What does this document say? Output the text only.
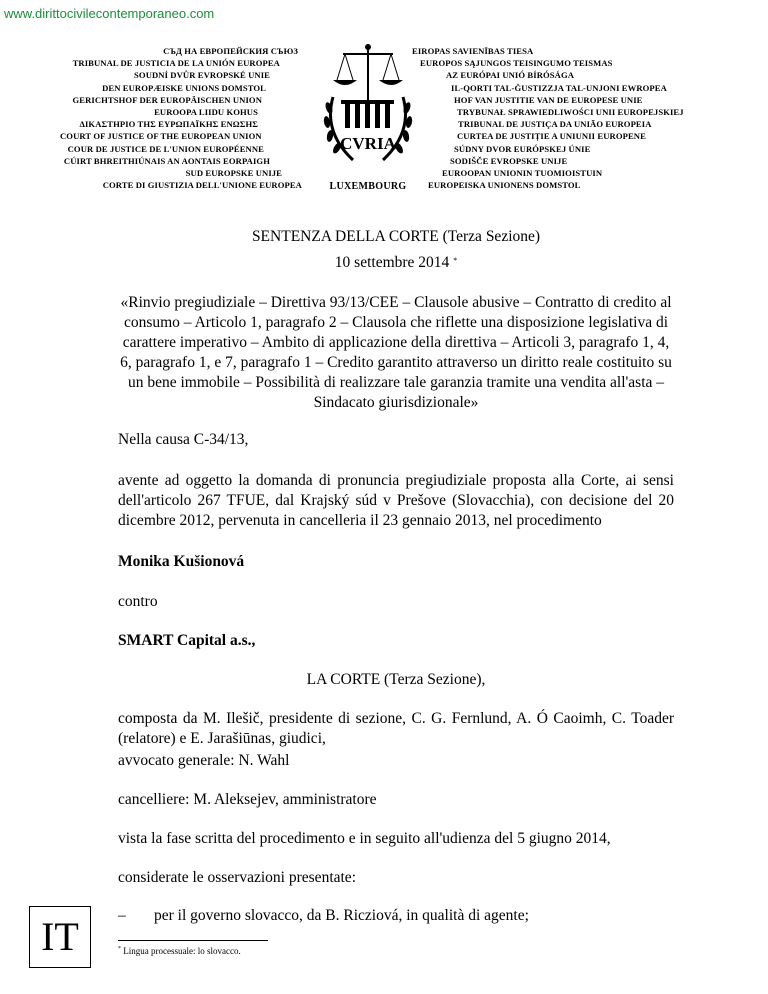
www.dirittocivilecontemporaneo.com
СЪД НА ЕВРОПЕЙСКИЯ СЪЮЗ
TRIBUNAL DE JUSTICIA DE LA UNIÓN EUROPEA
SOUDNÍ DVŮR EVROPSKÉ UNIE
DEN EUROPÆISKE UNIONS DOMSTOL
GERICHTSHOF DER EUROPÄISCHEN UNION
EUROOPA LIIDU KOHUS
ΔΙΚΑΣΤΗΡΙΟ ΤΗΣ ΕΥΡΩΠΑΪΚΗΣ ΕΝΩΣΗΣ
COURT OF JUSTICE OF THE EUROPEAN UNION
COUR DE JUSTICE DE L'UNION EUROPÉENNE
CÚIRT BHREITHIÚNAIS AN AONTAIS EORPAIGH
SUD EUROPSKE UNIJE
CORTE DI GIUSTIZIA DELL'UNIONE EUROPEA
CVRIA
LUXEMBOURG
EIROPAS SAVIENĪBAS TIESA
EUROPOS SĄJUNGOS TEISINGUMO TEISMAS
AZ EURÓPAI UNIÓ BÍRÓSÁGA
IL-QORTI TAL-ĠUSTIZZJA TAL-UNJONI EWROPEA
HOF VAN JUSTITIE VAN DE EUROPESE UNIE
TRYBUNAŁ SPRAWIEDLIWOŚCI UNII EUROPEJSKIEJ
TRIBUNAL DE JUSTIÇA DA UNIÃO EUROPEIA
CURTEA DE JUSTIȚIE A UNIUNII EUROPENE
SÚDNY DVOR EURÓPSKEJ ÚNIE
SODIŠČE EVROPSKE UNIJE
EUROOPAN UNIONIN TUOMIOISTUIN
EUROPEISKA UNIONENS DOMSTOL
SENTENZA DELLA CORTE (Terza Sezione)
10 settembre 2014 *
«Rinvio pregiudiziale – Direttiva 93/13/CEE – Clausole abusive – Contratto di credito al consumo – Articolo 1, paragrafo 2 – Clausola che riflette una disposizione legislativa di carattere imperativo – Ambito di applicazione della direttiva – Articoli 3, paragrafo 1, 4, 6, paragrafo 1, e 7, paragrafo 1 – Credito garantito attraverso un diritto reale costituito su un bene immobile – Possibilità di realizzare tale garanzia tramite una vendita all'asta – Sindacato giurisdizionale»
Nella causa C-34/13,
avente ad oggetto la domanda di pronuncia pregiudiziale proposta alla Corte, ai sensi dell'articolo 267 TFUE, dal Krajský súd v Prešove (Slovacchia), con decisione del 20 dicembre 2012, pervenuta in cancelleria il 23 gennaio 2013, nel procedimento
Monika Kušionová
contro
SMART Capital a.s.,
LA CORTE (Terza Sezione),
composta da M. Ilešič, presidente di sezione, C. G. Fernlund, A. Ó Caoimh, C. Toader (relatore) e E. Jarašiūnas, giudici,
avvocato generale: N. Wahl
cancelliere: M. Aleksejev, amministratore
vista la fase scritta del procedimento e in seguito all'udienza del 5 giugno 2014,
considerate le osservazioni presentate:
– per il governo slovacco, da B. Ricziová, in qualità di agente;
* Lingua processuale: lo slovacco.
IT
